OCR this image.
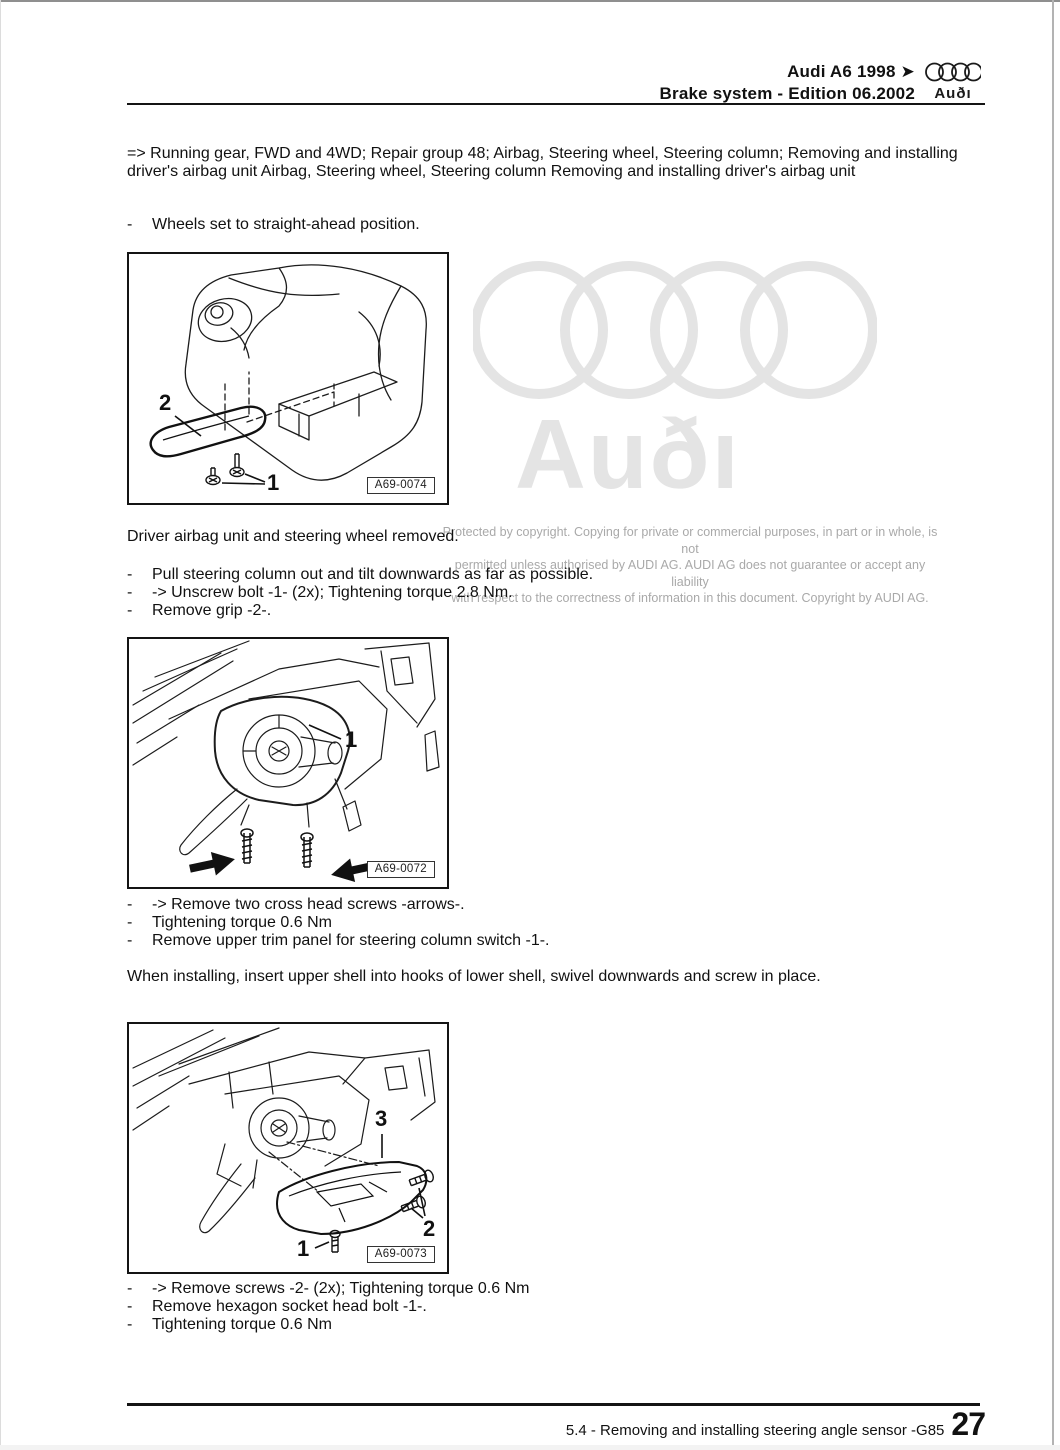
Auðı
Protected by copyright. Copying for private or commercial purposes, in part or in whole, is not
permitted unless authorised by AUDI AG. AUDI AG does not guarantee or accept any liability
with respect to the correctness of information in this document. Copyright by AUDI AG.
Audi A6 1998 ➤
Brake system - Edition 06.2002	Auðı
=> Running gear, FWD and 4WD; Repair group 48; Airbag, Steering wheel, Steering column; Removing and installing driver's airbag unit Airbag, Steering wheel, Steering column Removing and installing driver's airbag unit
-	Wheels set to straight-ahead position.
2
1	A69-0074
Driver airbag unit and steering wheel removed.
-	Pull steering column out and tilt downwards as far as possible.
-	-> Unscrew bolt -1- (2x); Tightening torque 2.8 Nm.
-	Remove grip -2-.
1
A69-0072
-	-> Remove two cross head screws -arrows-.
-	Tightening torque 0.6 Nm
-	Remove upper trim panel for steering column switch -1-.
When installing, insert upper shell into hooks of lower shell, swivel downwards and screw in place.
3
2
1	A69-0073
-	-> Remove screws -2- (2x); Tightening torque 0.6 Nm
-	Remove hexagon socket head bolt -1-.
-	Tightening torque 0.6 Nm
5.4 - Removing and installing steering angle sensor -G85 27
